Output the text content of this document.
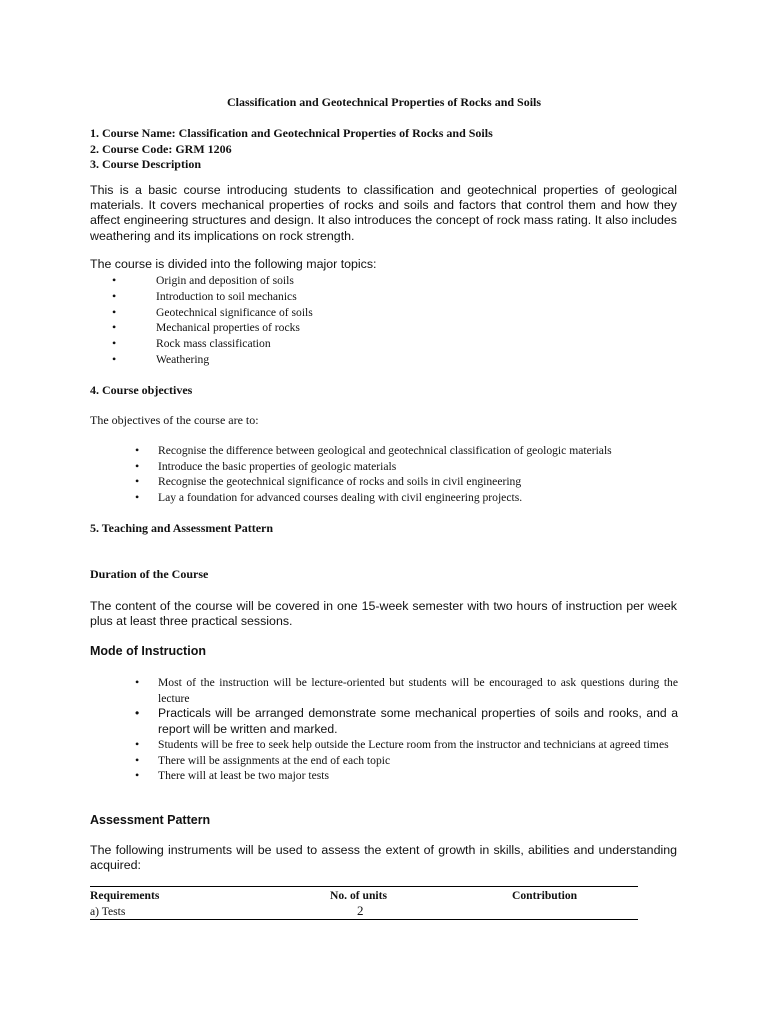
Classification and Geotechnical Properties of Rocks and Soils
1. Course Name: Classification and Geotechnical Properties of Rocks and Soils
2. Course Code: GRM 1206
3. Course Description
This is a basic course introducing students to classification and geotechnical properties of geological materials. It covers mechanical properties of rocks and soils and factors that control them and how they affect engineering structures and design. It also introduces the concept of rock mass rating. It also includes weathering and its implications on rock strength.
The course is divided into the following major topics:
• Origin and deposition of soils
• Introduction to soil mechanics
• Geotechnical significance of soils
• Mechanical properties of rocks
• Rock mass classification
• Weathering
4. Course objectives
The objectives of the course are to:
• Recognise the difference between geological and geotechnical classification of geologic materials
• Introduce the basic properties of geologic materials
• Recognise the geotechnical significance of rocks and soils in civil engineering
• Lay a foundation for advanced courses dealing with civil engineering projects.
5. Teaching and Assessment Pattern
Duration of the Course
The content of the course will be covered in one 15-week semester with two hours of instruction per week plus at least three practical sessions.
Mode of Instruction
• Most of the instruction will be lecture-oriented but students will be encouraged to ask questions during the lecture
• Practicals will be arranged demonstrate some mechanical properties of soils and rooks, and a report will be written and marked.
• Students will be free to seek help outside the Lecture room from the instructor and technicians at agreed times
• There will be assignments at the end of each topic
• There will at least be two major tests
Assessment Pattern
The following instruments will be used to assess the extent of growth in skills, abilities and understanding acquired:
Requirements	No. of units	Contribution
a) Tests	2	
